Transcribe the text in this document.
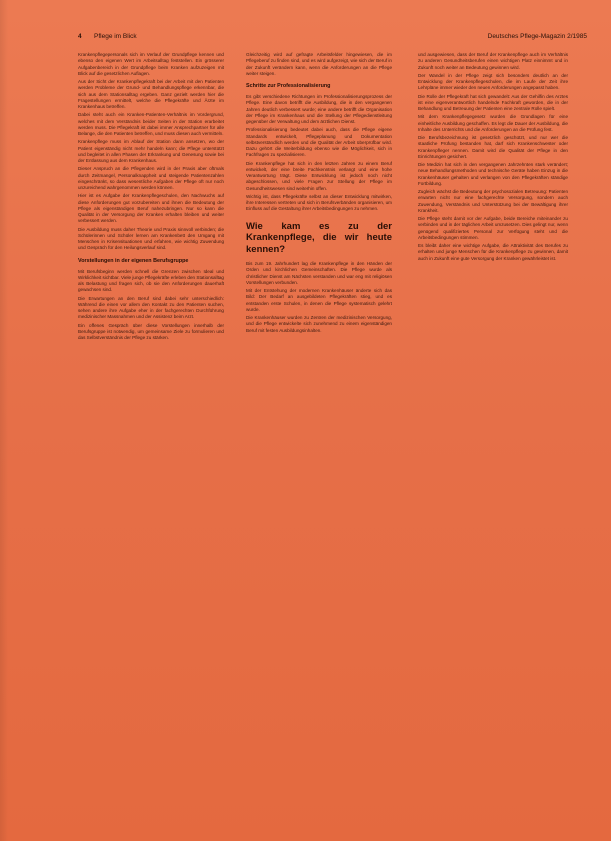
4 Pflege im Blick	Deutsches Pflege-Magazin 2/1985

Krankenpflegepersonals sich im Verlauf der Grundpflege kennen und ebenso den eigenen Wert im Arbeitsalltag feststellen. Ein grösserer Aufgabenbereich in der Grundpflege beim Kranken aufzuzeigen mit Blick auf die gesetzlichen Auflagen.

Aus der Sicht der Krankenpflegekraft bei der Arbeit mit den Patienten werden Probleme der Grund- und Behandlungspflege erkennbar, die sich aus dem Stationsalltag ergeben. Ganz gezielt werden hier die Fragestellungen ermittelt, welche die Pflegekräfte und Ärzte im Krankenhaus betreffen.

Dabei steht auch ein Kranken-Patienten-Verhältnis im Vordergrund, welches mit dem Verständnis beider Seiten in der Station erarbeitet werden muss. Die Pflegekraft ist dabei immer Ansprechpartner für alle Belange, die den Patienten betreffen, und muss diesen auch vermitteln.

Krankenpflege muss im Ablauf der Station dann ansetzen, wo der Patient eigenständig nicht mehr handeln kann; die Pflege unterstützt und begleitet in allen Phasen der Erkrankung und Genesung sowie bei der Entlassung aus dem Krankenhaus.

Dieser Anspruch an die Pflegenden wird in der Praxis aber oftmals durch Zeitmangel, Personalknappheit und steigende Patientenzahlen eingeschränkt, so dass wesentliche Aufgaben der Pflege oft nur noch unzureichend wahrgenommen werden können.

Hier ist es Aufgabe der Krankenpflegeschulen, den Nachwuchs auf diese Anforderungen gut vorzubereiten und ihnen die Bedeutung der Pflege als eigenständigen Beruf nahezubringen. Nur so kann die Qualität in der Versorgung der Kranken erhalten bleiben und weiter verbessert werden.

Die Ausbildung muss daher Theorie und Praxis sinnvoll verbinden; die Schülerinnen und Schüler lernen am Krankenbett den Umgang mit Menschen in Krisensituationen und erfahren, wie wichtig Zuwendung und Gespräch für den Heilungsverlauf sind.

Vorstellungen in der eigenen Berufsgruppe

Mit Berufsbeginn werden schnell die Grenzen zwischen Ideal und Wirklichkeit sichtbar. Viele junge Pflegekräfte erleben den Stationsalltag als Belastung und fragen sich, ob sie den Anforderungen dauerhaft gewachsen sind.

Die Erwartungen an den Beruf sind dabei sehr unterschiedlich: Während die einen vor allem den Kontakt zu den Patienten suchen, sehen andere ihre Aufgabe eher in der fachgerechten Durchführung medizinischer Massnahmen und der Assistenz beim Arzt.

Ein offenes Gespräch über diese Vorstellungen innerhalb der Berufsgruppe ist notwendig, um gemeinsame Ziele zu formulieren und das Selbstverständnis der Pflege zu stärken.

Gleichzeitig wird auf gefragte Arbeitsfelder hingewiesen, die im Pflegeberuf zu finden sind, und es wird aufgezeigt, wie sich der Beruf in der Zukunft verändern kann, wenn die Anforderungen an die Pflege weiter steigen.

Schritte zur Professionalisierung

Es gibt verschiedene Richtungen im Professionalisierungsprozess der Pflege. Eine davon betrifft die Ausbildung, die in den vergangenen Jahren deutlich verbessert wurde; eine andere betrifft die Organisation der Pflege im Krankenhaus und die Stellung der Pflegedienstleitung gegenüber der Verwaltung und dem ärztlichen Dienst.

Professionalisierung bedeutet dabei auch, dass die Pflege eigene Standards entwickelt, Pflegeplanung und Dokumentation selbstverständlich werden und die Qualität der Arbeit überprüfbar wird. Dazu gehört die Weiterbildung ebenso wie die Möglichkeit, sich in Fachfragen zu spezialisieren.

Die Krankenpflege hat sich in den letzten Jahren zu einem Beruf entwickelt, der eine breite Fachkenntnis verlangt und eine hohe Verantwortung trägt. Diese Entwicklung ist jedoch noch nicht abgeschlossen, und viele Fragen zur Stellung der Pflege im Gesundheitswesen sind weiterhin offen.

Wichtig ist, dass Pflegekräfte selbst an dieser Entwicklung mitwirken, ihre Interessen vertreten und sich in Berufsverbänden organisieren, um Einfluss auf die Gestaltung ihrer Arbeitsbedingungen zu nehmen.

Wie kam es zu der Krankenpflege, die wir heute kennen?

Bis zum 19. Jahrhundert lag die Krankenpflege in den Händen der Orden und kirchlichen Gemeinschaften. Die Pflege wurde als christlicher Dienst am Nächsten verstanden und war eng mit religiösen Vorstellungen verbunden.

Mit der Entstehung der modernen Krankenhäuser änderte sich das Bild: Der Bedarf an ausgebildeten Pflegekräften stieg, und es entstanden erste Schulen, in denen die Pflege systematisch gelehrt wurde.

Die Krankenhäuser wurden zu Zentren der medizinischen Versorgung, und die Pflege entwickelte sich zunehmend zu einem eigenständigen Beruf mit festen Ausbildungsinhalten.

und ausgewiesen, dass der Beruf der Krankenpflege auch im Verhältnis zu anderen Gesundheitsberufen einen wichtigen Platz einnimmt und in Zukunft noch weiter an Bedeutung gewinnen wird.

Der Wandel in der Pflege zeigt sich besonders deutlich an der Entwicklung der Krankenpflegeschulen, die im Laufe der Zeit ihre Lehrpläne immer wieder den neuen Anforderungen angepasst haben.

Die Rolle der Pflegekraft hat sich gewandelt: Aus der Gehilfin des Arztes ist eine eigenverantwortlich handelnde Fachkraft geworden, die in der Behandlung und Betreuung der Patienten eine zentrale Rolle spielt.

Mit dem Krankenpflegegesetz wurden die Grundlagen für eine einheitliche Ausbildung geschaffen. Es legt die Dauer der Ausbildung, die Inhalte des Unterrichts und die Anforderungen an die Prüfung fest.

Die Berufsbezeichnung ist gesetzlich geschützt, und nur wer die staatliche Prüfung bestanden hat, darf sich Krankenschwester oder Krankenpfleger nennen. Damit wird die Qualität der Pflege in den Einrichtungen gesichert.

Die Medizin hat sich in den vergangenen Jahrzehnten stark verändert; neue Behandlungsmethoden und technische Geräte haben Einzug in die Krankenhäuser gehalten und verlangen von den Pflegekräften ständige Fortbildung.

Zugleich wächst die Bedeutung der psychosozialen Betreuung: Patienten erwarten nicht nur eine fachgerechte Versorgung, sondern auch Zuwendung, Verständnis und Unterstützung bei der Bewältigung ihrer Krankheit.

Die Pflege steht damit vor der Aufgabe, beide Bereiche miteinander zu verbinden und in der täglichen Arbeit umzusetzen. Dies gelingt nur, wenn genügend qualifiziertes Personal zur Verfügung steht und die Arbeitsbedingungen stimmen.

Es bleibt daher eine wichtige Aufgabe, die Attraktivität des Berufes zu erhalten und junge Menschen für die Krankenpflege zu gewinnen, damit auch in Zukunft eine gute Versorgung der Kranken gewährleistet ist.
